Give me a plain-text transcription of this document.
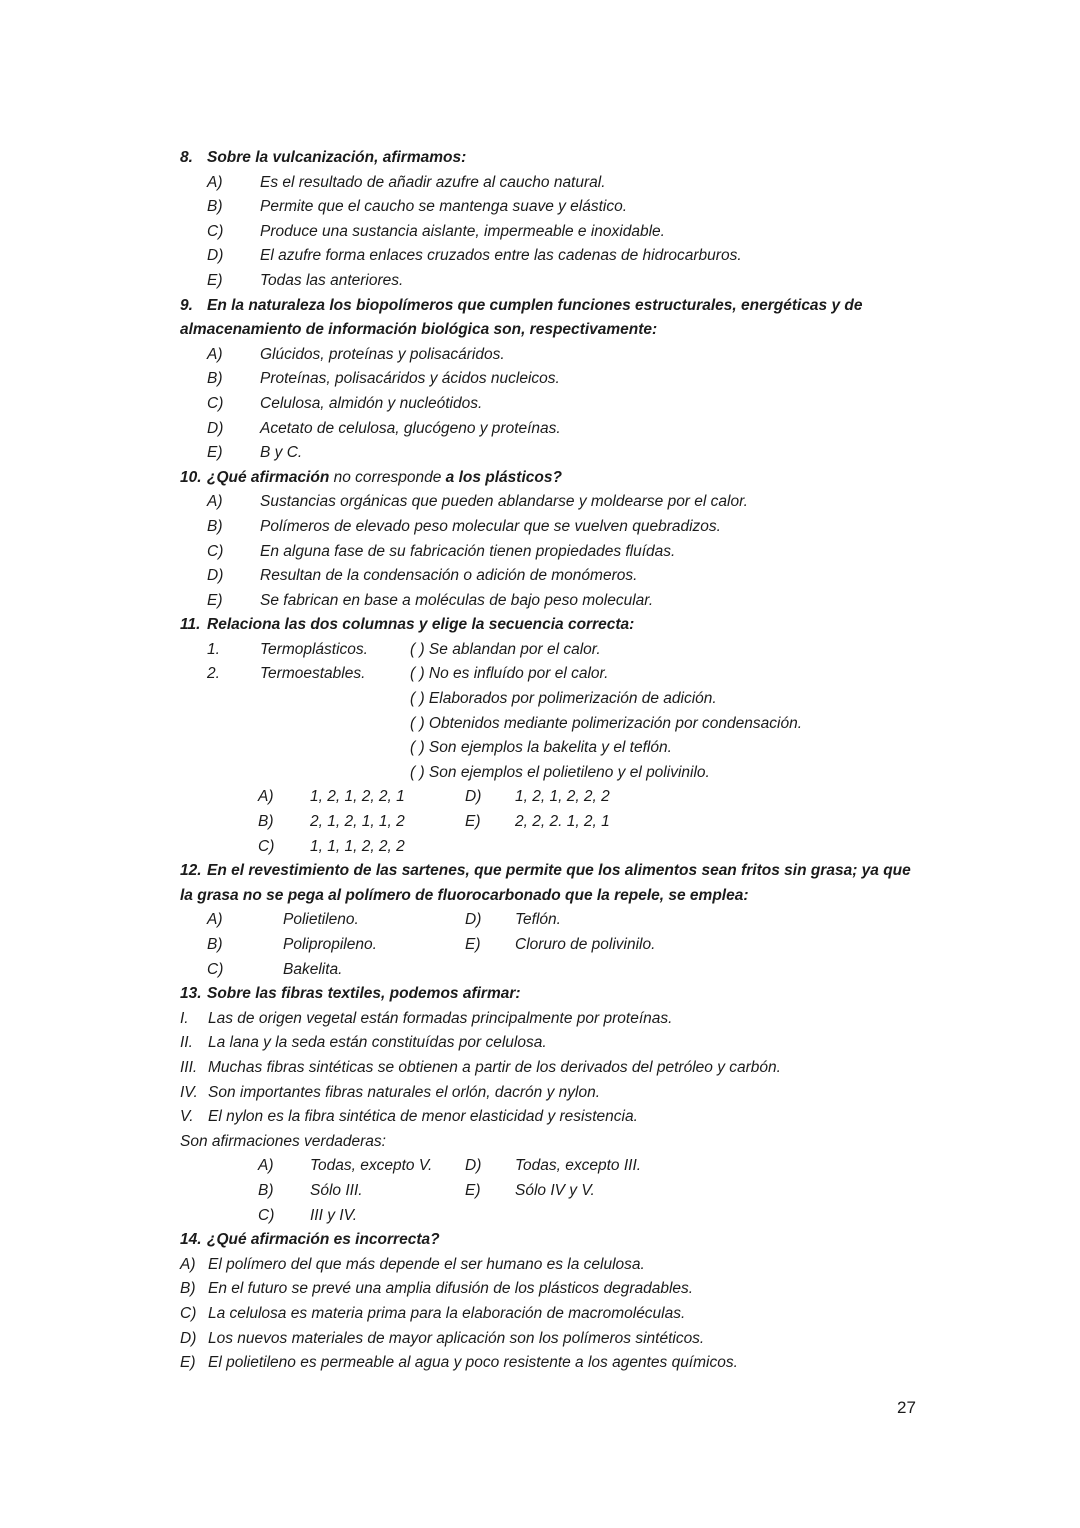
8. Sobre la vulcanización, afirmamos:
A)	Es el resultado de añadir azufre al caucho natural.
B)	Permite que el caucho se mantenga suave y elástico.
C)	Produce una sustancia aislante, impermeable e inoxidable.
D)	El azufre forma enlaces cruzados entre las cadenas de hidrocarburos.
E)	Todas las anteriores.
9. En la naturaleza los biopolímeros que cumplen funciones estructurales, energéticas y de almacenamiento de información biológica son, respectivamente:
A)	Glúcidos, proteínas y polisacáridos.
B)	Proteínas, polisacáridos y ácidos nucleicos.
C)	Celulosa, almidón y nucleótidos.
D)	Acetato de celulosa, glucógeno y proteínas.
E)	B y C.
10. ¿Qué afirmación no corresponde a los plásticos?
A)	Sustancias orgánicas que pueden ablandarse y moldearse por el calor.
B)	Polímeros de elevado peso molecular que se vuelven quebradizos.
C)	En alguna fase de su fabricación tienen propiedades fluídas.
D)	Resultan de la condensación o adición de monómeros.
E)	Se fabrican en base a moléculas de bajo peso molecular.
11. Relaciona las dos columnas y elige la secuencia correcta:
1.	Termoplásticos.	( ) Se ablandan por el calor.
2.	Termoestables.	( ) No es influído por el calor.
( ) Elaborados por polimerización de adición.
( ) Obtenidos mediante polimerización por condensación.
( ) Son ejemplos la bakelita y el teflón.
( ) Son ejemplos el polietileno y el polivinilo.
A)	1, 2, 1, 2, 2, 1	D)	1, 2, 1, 2, 2, 2
B)	2, 1, 2, 1, 1, 2	E)	2, 2, 2. 1, 2, 1
C)	1, 1, 1, 2, 2, 2
12. En el revestimiento de las sartenes, que permite que los alimentos sean fritos sin grasa; ya que la grasa no se pega al polímero de fluorocarbonado que la repele, se emplea:
A)	Polietileno.	D)	Teflón.
B)	Polipropileno.	E)	Cloruro de polivinilo.
C)	Bakelita.
13. Sobre las fibras textiles, podemos afirmar:
I.	Las de origen vegetal están formadas principalmente por proteínas.
II. La lana y la seda están constituídas por celulosa.
III. Muchas fibras sintéticas se obtienen a partir de los derivados del petróleo y carbón.
IV. Son importantes fibras naturales el orlón, dacrón y nylon.
V. El nylon es la fibra sintética de menor elasticidad y resistencia.
Son afirmaciones verdaderas:
A)	Todas, excepto V.	D)	Todas, excepto III.
B)	Sólo III.	E)	Sólo IV y V.
C)	III y IV.
14. ¿Qué afirmación es incorrecta?
A) El polímero del que más depende el ser humano es la celulosa.
B) En el futuro se prevé una amplia difusión de los plásticos degradables.
C) La celulosa es materia prima para la elaboración de macromoléculas.
D) Los nuevos materiales de mayor aplicación son los polímeros sintéticos.
E) El polietileno es permeable al agua y poco resistente a los agentes químicos.
27
